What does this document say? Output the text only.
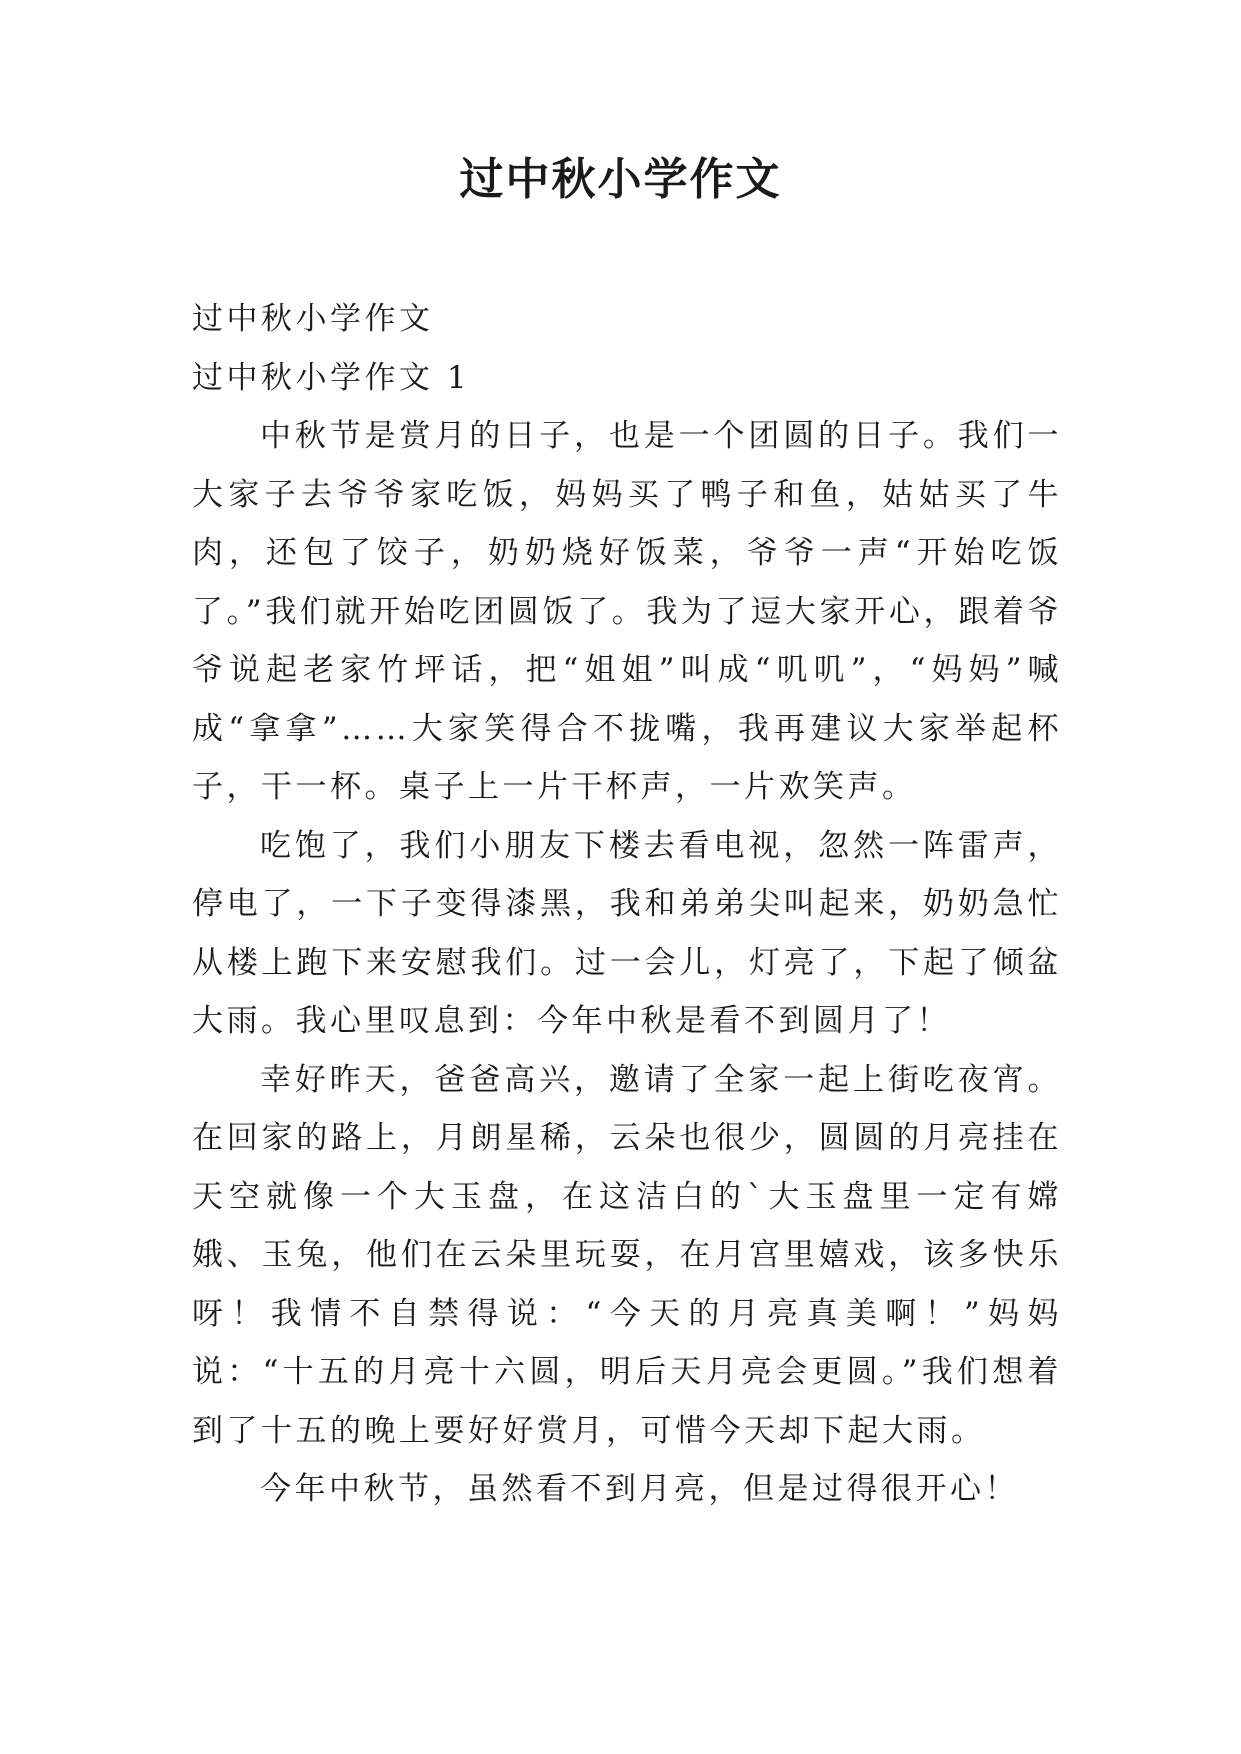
过中秋小学作文

过中秋小学作文

过中秋小学作文 1

中秋节是赏月的日子，也是一个团圆的日子。我们一大家子去爷爷家吃饭，妈妈买了鸭子和鱼，姑姑买了牛肉，还包了饺子，奶奶烧好饭菜，爷爷一声“开始吃饭了。”我们就开始吃团圆饭了。我为了逗大家开心，跟着爷爷说起老家竹坪话，把“姐姐”叫成“叽叽”，“妈妈”喊成“拿拿”……大家笑得合不拢嘴，我再建议大家举起杯子，干一杯。桌子上一片干杯声，一片欢笑声。

吃饱了，我们小朋友下楼去看电视，忽然一阵雷声，停电了，一下子变得漆黑，我和弟弟尖叫起来，奶奶急忙从楼上跑下来安慰我们。过一会儿，灯亮了，下起了倾盆大雨。我心里叹息到：今年中秋是看不到圆月了！

幸好昨天，爸爸高兴，邀请了全家一起上街吃夜宵。在回家的路上，月朗星稀，云朵也很少，圆圆的月亮挂在天空就像一个大玉盘，在这洁白的`大玉盘里一定有嫦娥、玉兔，他们在云朵里玩耍，在月宫里嬉戏，该多快乐呀！我情不自禁得说：“今天的月亮真美啊！”妈妈说：“十五的月亮十六圆，明后天月亮会更圆。”我们想着到了十五的晚上要好好赏月，可惜今天却下起大雨。

今年中秋节，虽然看不到月亮，但是过得很开心！
